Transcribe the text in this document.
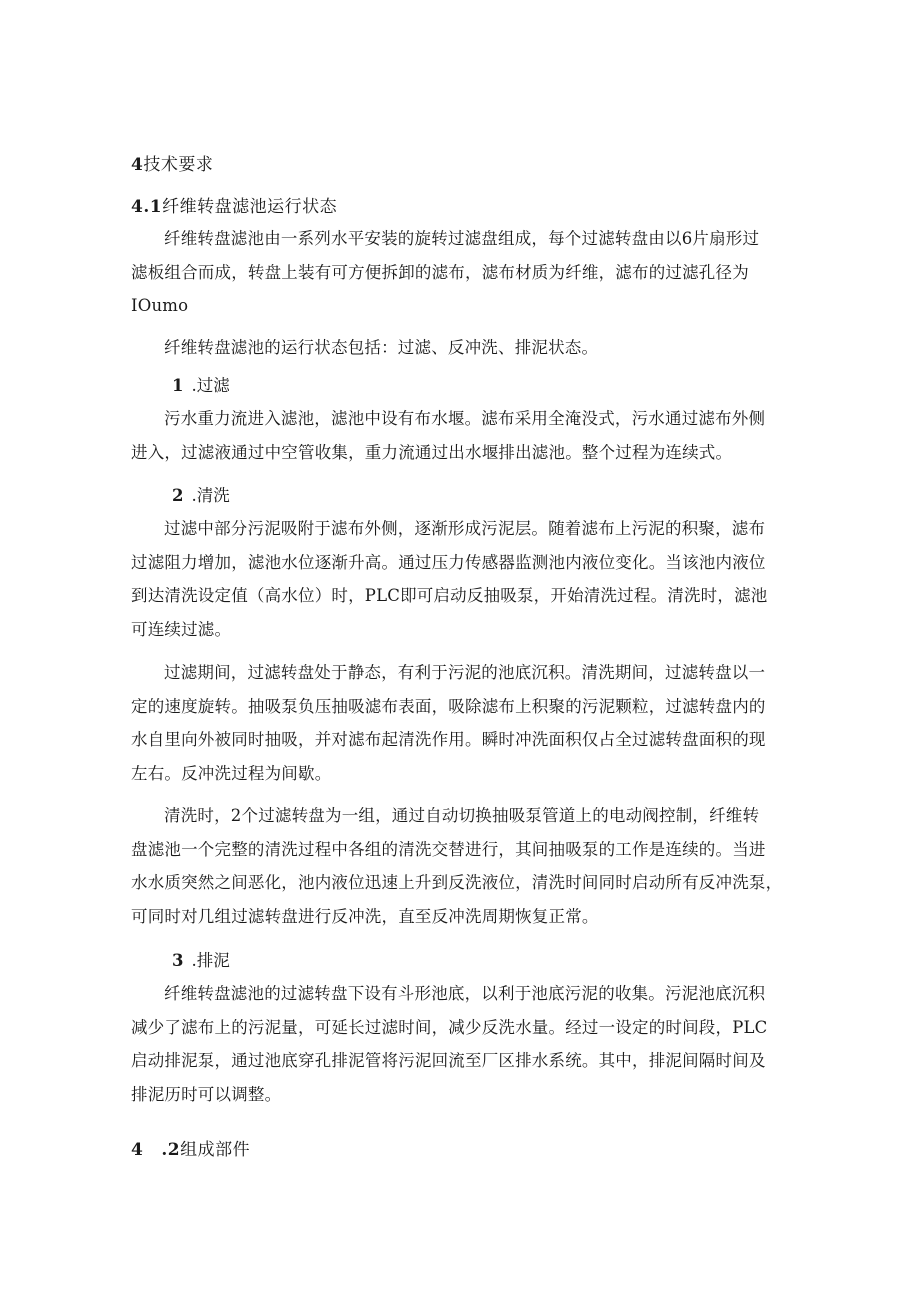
4技术要求
4.1纤维转盘滤池运行状态

纤维转盘滤池由一系列水平安装的旋转过滤盘组成，每个过滤转盘由以6片扇形过
滤板组合而成，转盘上装有可方便拆卸的滤布，滤布材质为纤维，滤布的过滤孔径为
IOumo

纤维转盘滤池的运行状态包括：过滤、反冲洗、排泥状态。

1 .过滤

污水重力流进入滤池，滤池中设有布水堰。滤布采用全淹没式，污水通过滤布外侧
进入，过滤液通过中空管收集，重力流通过出水堰排出滤池。整个过程为连续式。

2 .清洗

过滤中部分污泥吸附于滤布外侧，逐渐形成污泥层。随着滤布上污泥的积聚，滤布
过滤阻力增加，滤池水位逐渐升高。通过压力传感器监测池内液位变化。当该池内液位
到达清洗设定值（高水位）时，PLC即可启动反抽吸泵，开始清洗过程。清洗时，滤池
可连续过滤。

过滤期间，过滤转盘处于静态，有利于污泥的池底沉积。清洗期间，过滤转盘以一
定的速度旋转。抽吸泵负压抽吸滤布表面，吸除滤布上积聚的污泥颗粒，过滤转盘内的
水自里向外被同时抽吸，并对滤布起清洗作用。瞬时冲洗面积仅占全过滤转盘面积的现
左右。反冲洗过程为间歇。

清洗时，2个过滤转盘为一组，通过自动切换抽吸泵管道上的电动阀控制，纤维转
盘滤池一个完整的清洗过程中各组的清洗交替进行，其间抽吸泵的工作是连续的。当进
水水质突然之间恶化，池内液位迅速上升到反洗液位，清洗时间同时启动所有反冲洗泵，
可同时对几组过滤转盘进行反冲洗，直至反冲洗周期恢复正常。

3 .排泥

纤维转盘滤池的过滤转盘下设有斗形池底，以利于池底污泥的收集。污泥池底沉积
减少了滤布上的污泥量，可延长过滤时间，减少反洗水量。经过一设定的时间段，PLC
启动排泥泵，通过池底穿孔排泥管将污泥回流至厂区排水系统。其中，排泥间隔时间及
排泥历时可以调整。

4 .2组成部件
